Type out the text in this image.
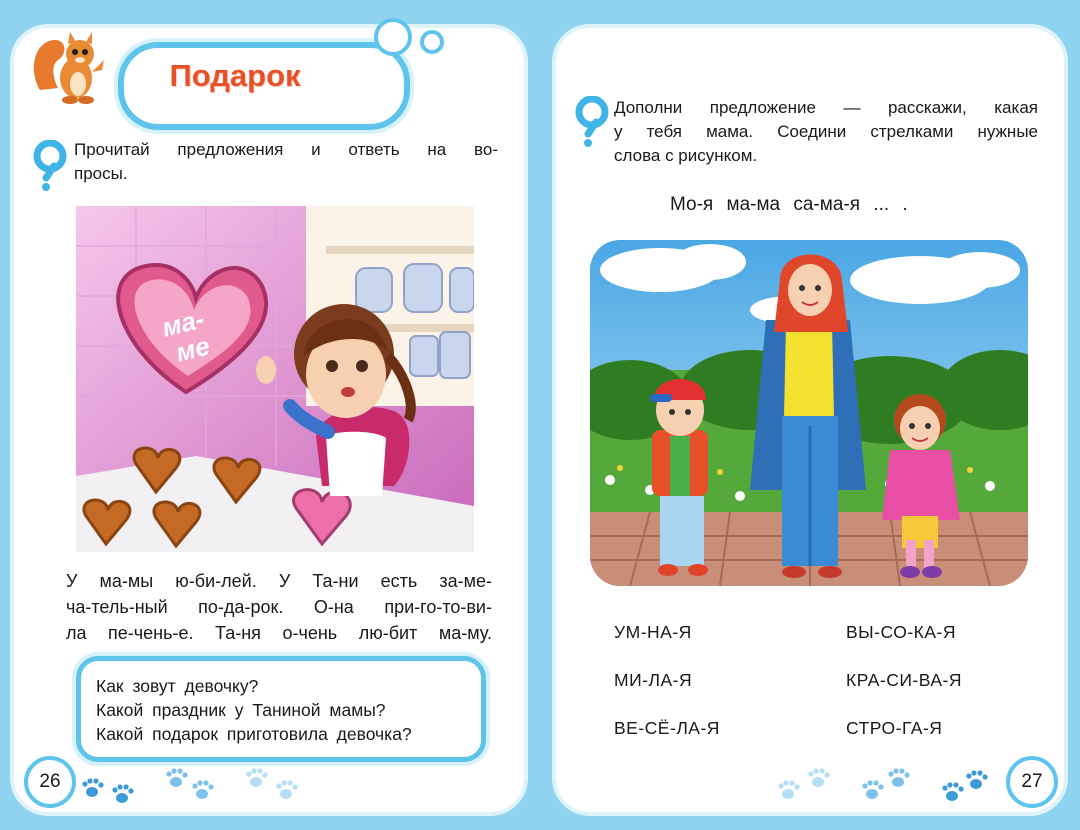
Подарок
Прочитай предложения и ответь на во-
просы.
ма-
ме
У ма-мы ю-би-лей. У Та-ни есть за-ме-
ча-тель-ный по-да-рок. О-на при-го-то-ви-
ла пе-чень-е. Та-ня о-чень лю-бит ма-му.
Как зовут девочку?
Какой праздник у Таниной мамы?
Какой подарок приготовила девочка?
26
Дополни предложение — расскажи, какая
у тебя мама. Соедини стрелками нужные
слова с рисунком.
Мо-я ма-ма са-ма-я ... .
УМ-НА-Я
МИ-ЛА-Я
ВЕ-СЁ-ЛА-Я
ВЫ-СО-КА-Я
КРА-СИ-ВА-Я
СТРО-ГА-Я
27
